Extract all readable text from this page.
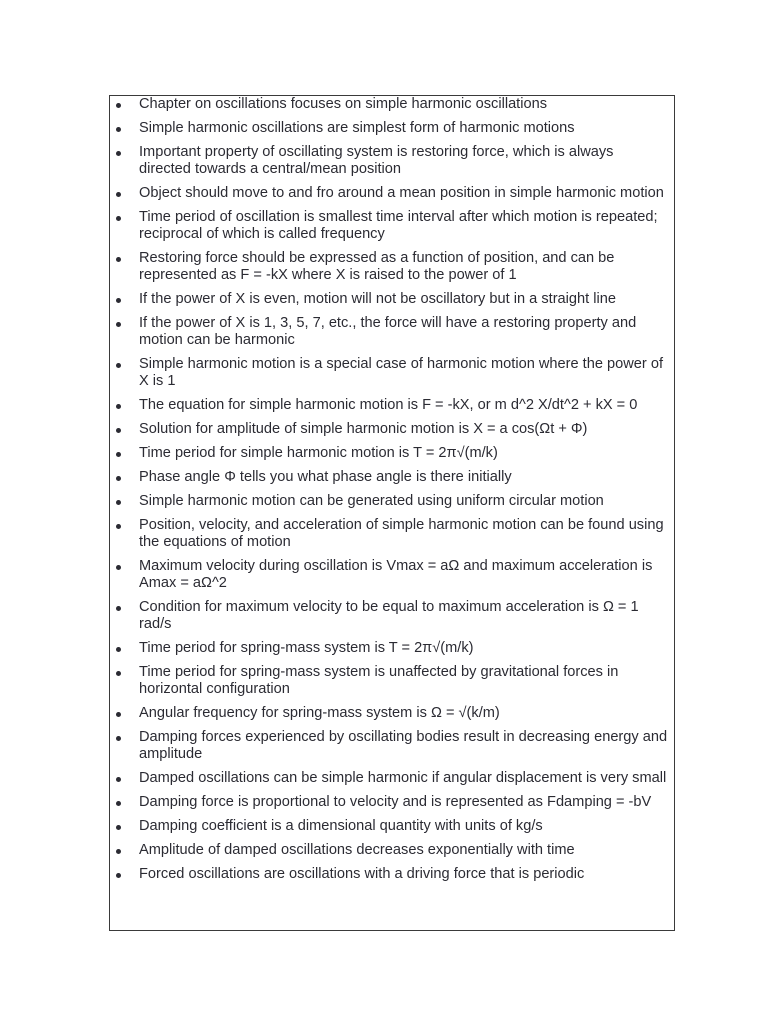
Chapter on oscillations focuses on simple harmonic oscillations
Simple harmonic oscillations are simplest form of harmonic motions
Important property of oscillating system is restoring force, which is always directed towards a central/mean position
Object should move to and fro around a mean position in simple harmonic motion
Time period of oscillation is smallest time interval after which motion is repeated; reciprocal of which is called frequency
Restoring force should be expressed as a function of position, and can be represented as F = -kX where X is raised to the power of 1
If the power of X is even, motion will not be oscillatory but in a straight line
If the power of X is 1, 3, 5, 7, etc., the force will have a restoring property and motion can be harmonic
Simple harmonic motion is a special case of harmonic motion where the power of X is 1
The equation for simple harmonic motion is F = -kX, or m d^2 X/dt^2 + kX = 0
Solution for amplitude of simple harmonic motion is X = a cos(Ωt + Φ)
Time period for simple harmonic motion is T = 2π√(m/k)
Phase angle Φ tells you what phase angle is there initially
Simple harmonic motion can be generated using uniform circular motion
Position, velocity, and acceleration of simple harmonic motion can be found using the equations of motion
Maximum velocity during oscillation is Vmax = aΩ and maximum acceleration is Amax = aΩ^2
Condition for maximum velocity to be equal to maximum acceleration is Ω = 1 rad/s
Time period for spring-mass system is T = 2π√(m/k)
Time period for spring-mass system is unaffected by gravitational forces in horizontal configuration
Angular frequency for spring-mass system is Ω = √(k/m)
Damping forces experienced by oscillating bodies result in decreasing energy and amplitude
Damped oscillations can be simple harmonic if angular displacement is very small
Damping force is proportional to velocity and is represented as Fdamping = -bV
Damping coefficient is a dimensional quantity with units of kg/s
Amplitude of damped oscillations decreases exponentially with time
Forced oscillations are oscillations with a driving force that is periodic
